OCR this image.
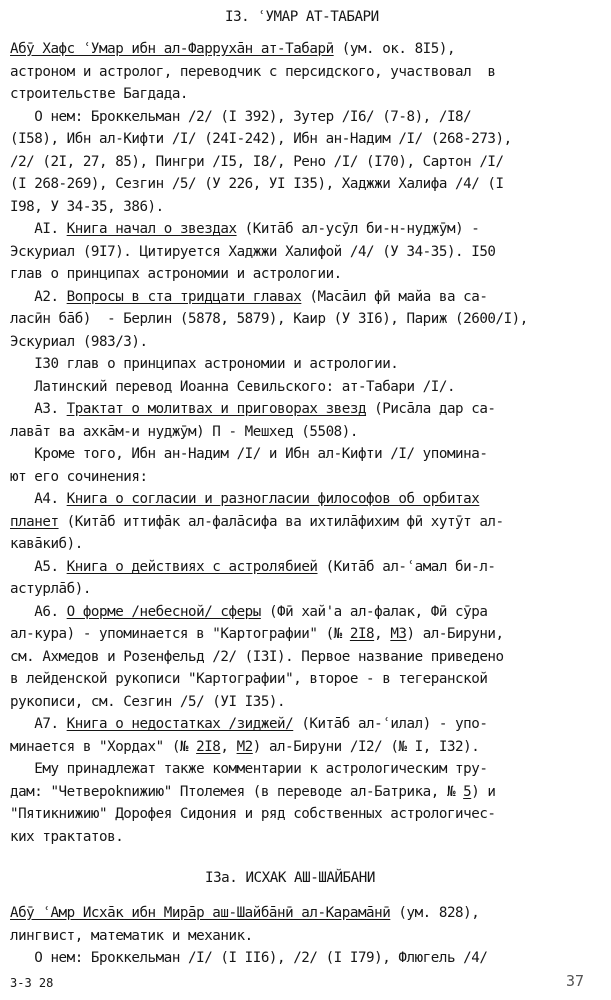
I3. ʿУМАР АТ-ТАБАРИ
Абӯ Хафс ʿУмар ибн ал-Фаррухāн ат-Табарӣ (ум. ок. 8I5),
астроном и астролог, переводчик с персидского, участвовал  в
строительстве Багдада.
О нем: Броккельман /2/ (I 392), Зутер /I6/ (7-8), /I8/
(I58), Ибн ал-Кифти /I/ (24I-242), Ибн ан-Надим /I/ (268-273),
/2/ (2I, 27, 85), Пингри /I5, I8/, Рено /I/ (I70), Сартон /I/
(I 268-269), Сезгин /5/ (У 226, УI I35), Хаджжи Халифа /4/ (I
I98, У 34-35, 386).
AI. Книга начал о звездах (Китāб ал-усӯл би-н-нуджӯм) -
Эскуриал (9I7). Цитируется Хаджжи Халифой /4/ (У 34-35). I50
глав о принципах астрономии и астрологии.
A2. Вопросы в ста тридцати главах (Масāил фӣ майа ва са-
ласӣн бāб)  - Берлин (5878, 5879), Каир (У 3I6), Париж (2600/I),
Эскуриал (983/3).
I30 глав о принципах астрономии и астрологии.
Латинский перевод Иоанна Севильского: ат-Табари /I/.
A3. Трактат о молитвах и приговорах звезд (Рисāла дар са-
лавāт ва ахкāм-и нуджӯм) П - Мешхед (5508).
Кроме того, Ибн ан-Надим /I/ и Ибн ал-Кифти /I/ упомина-
ют его сочинения:
A4. Книга о согласии и разногласии философов об орбитах
планет (Китāб иттифāк ал-фалāсифа ва ихтилāфихим фӣ хутӯт ал-
кавāкиб).
A5. Книга о действиях с астролябией (Китāб ал-ʿамал би-л-
астурлāб).
A6. О форме /небесной/ сферы (Фӣ хай'а ал-фалак, Фӣ сӯра
ал-кура) - упоминается в "Картографии" (№ 2I8, M3) ал-Бируни,
см. Ахмедов и Розенфельд /2/ (I3I). Первое название приведено
в лейденской рукописи "Картографии", второе - в тегеранской
рукописи, см. Сезгин /5/ (УI I35).
A7. Книга о недостатках /зиджей/ (Китāб ал-ʿилал) - упо-
минается в "Хордах" (№ 2I8, M2) ал-Бируни /I2/ (№ I, I32).
Ему принадлежат также комментарии к астрологическим тру-
дам: "Четвероknижию" Птолемея (в переводе ал-Батрика, № 5) и
"Пятикнижию" Дорофея Сидония и ряд собственных астрологичес-
ких трактатов.
I3a. ИСХАК АШ-ШАЙБАНИ
Абӯ ʿАмр Исхāк ибн Мирāр аш-Шайбāнӣ ал-Карамāнӣ (ум. 828),
лингвист, математик и механик.
О нем: Броккельман /I/ (I II6), /2/ (I I79), Флюгель /4/
3-3 28	37
